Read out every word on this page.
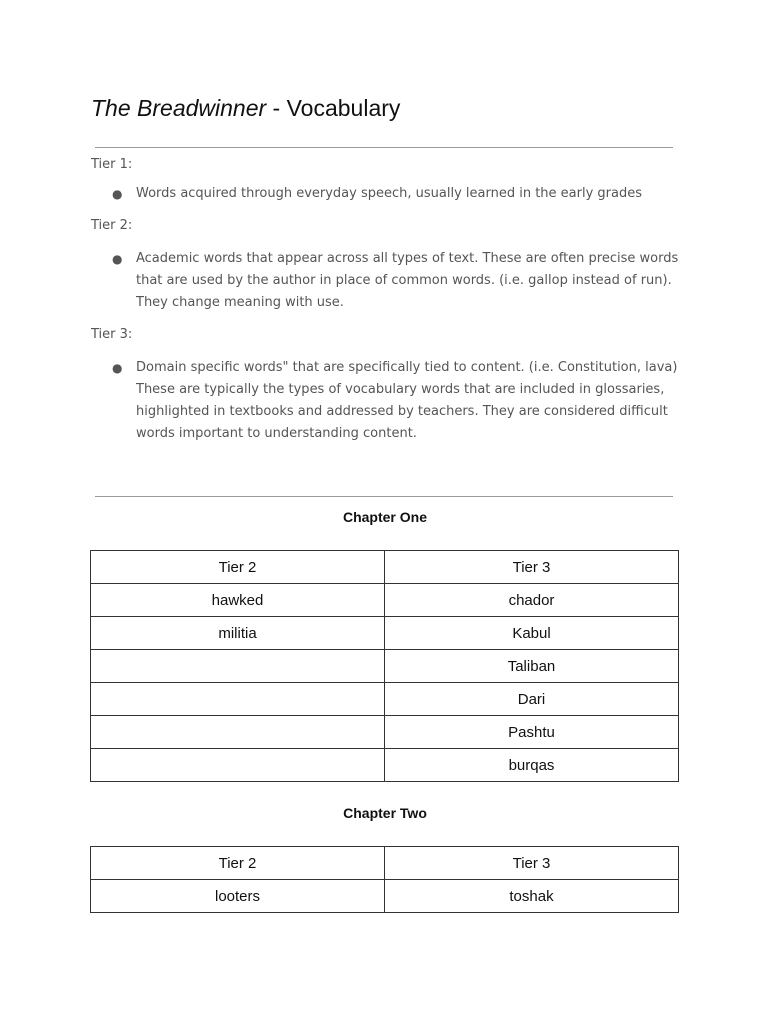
The Breadwinner - Vocabulary
Tier 1:
● Words acquired through everyday speech, usually learned in the early grades
Tier 2:
● Academic words that appear across all types of text. These are often precise words that are used by the author in place of common words. (i.e. gallop instead of run). They change meaning with use.
Tier 3:
● Domain specific words" that are specifically tied to content. (i.e. Constitution, lava) These are typically the types of vocabulary words that are included in glossaries, highlighted in textbooks and addressed by teachers. They are considered difficult words important to understanding content.
Chapter One
Tier 2	Tier 3
hawked	chador
militia	Kabul
	Taliban
	Dari
	Pashtu
	burqas
Chapter Two
Tier 2	Tier 3
looters	toshak
